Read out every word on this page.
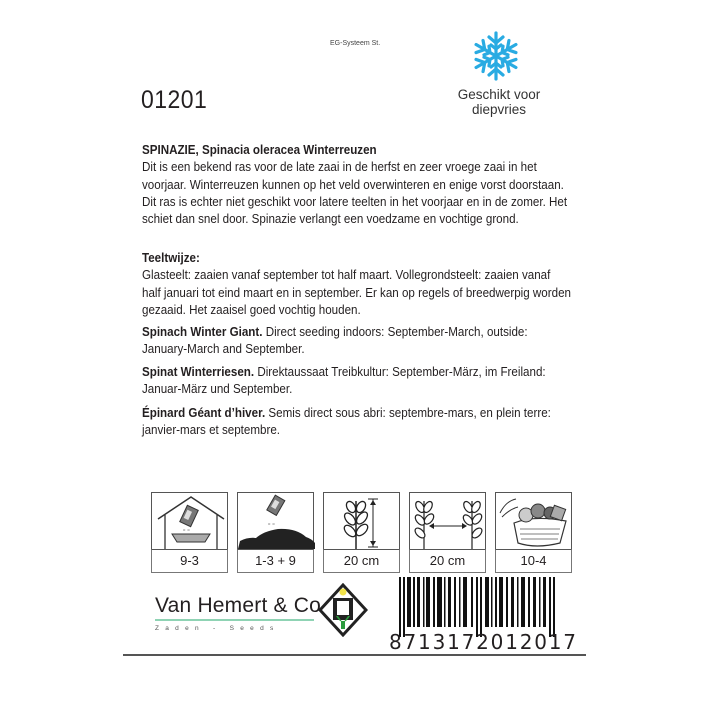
EG-Systeem St.
01201	Geschikt voor
diepvries
SPINAZIE, Spinacia oleracea Winterreuzen
Dit is een bekend ras voor de late zaai in de herfst en zeer vroege zaai in het voorjaar. Winterreuzen kunnen op het veld overwinteren en enige vorst doorstaan. Dit ras is echter niet geschikt voor latere teelten in het voorjaar en in de zomer. Het schiet dan snel door. Spinazie verlangt een voedzame en vochtige grond.
Teeltwijze:
Glasteelt: zaaien vanaf september tot half maart. Vollegrondsteelt: zaaien vanaf half januari tot eind maart en in september. Er kan op regels of breedwerpig worden gezaaid. Het zaaisel goed vochtig houden.
Spinach Winter Giant. Direct seeding indoors: September-March, outside: January-March and September.
Spinat Winterriesen. Direktaussaat Treibkultur: September-März, im Freiland: Januar-März und September.
Épinard Géant d’hiver. Semis direct sous abri: septembre-mars, en plein terre: janvier-mars et septembre.
∘∘
9-3
∘∘
1-3 + 9	20 cm	20 cm	10-4
Van Hemert & Co
Zaden - Seeds
8713172012017
